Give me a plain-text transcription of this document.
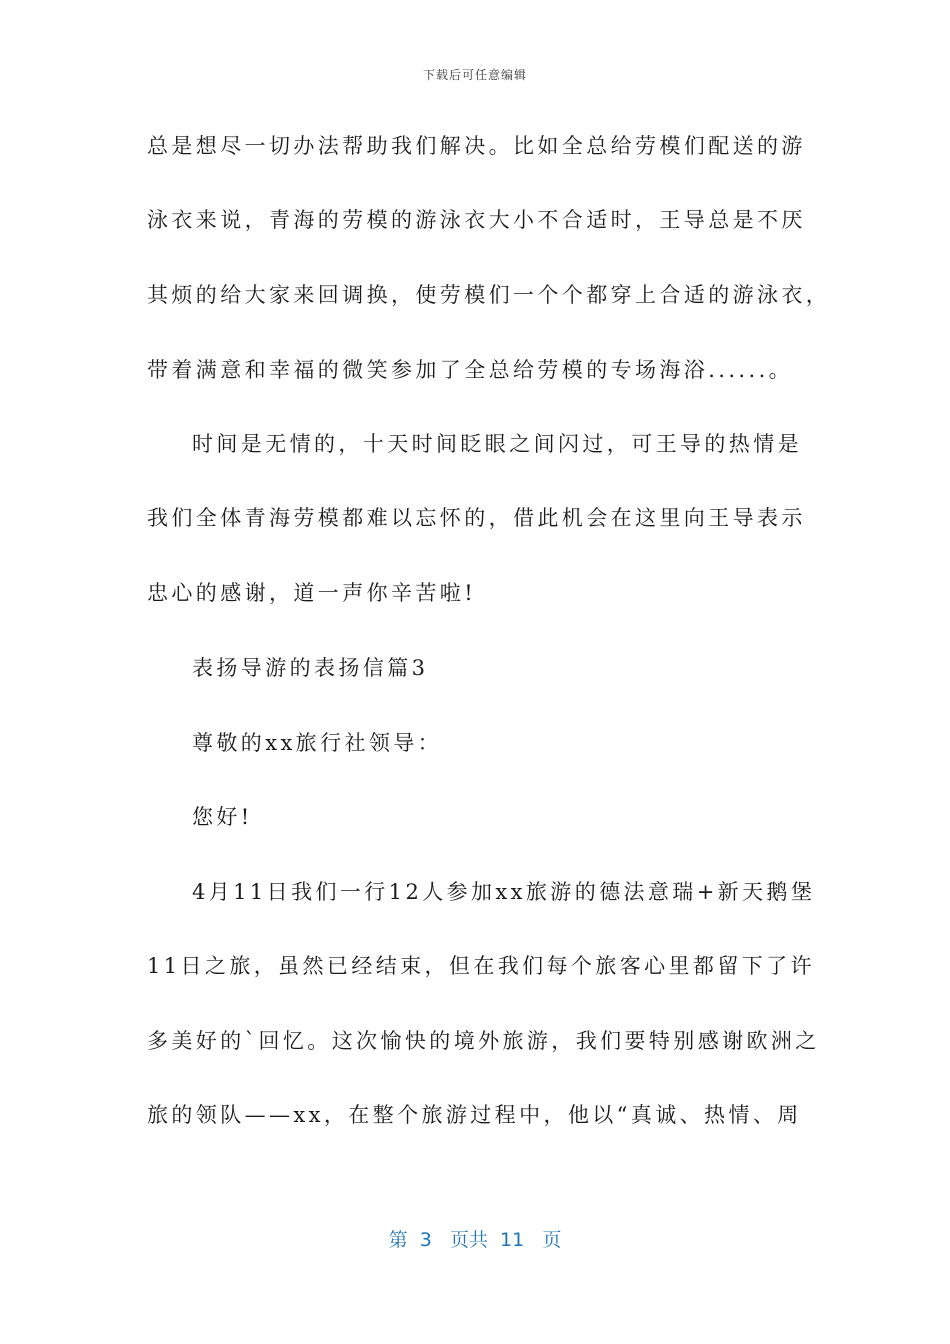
下载后可任意编辑
总是想尽一切办法帮助我们解决。比如全总给劳模们配送的游
泳衣来说，青海的劳模的游泳衣大小不合适时，王导总是不厌
其烦的给大家来回调换，使劳模们一个个都穿上合适的游泳衣，
带着满意和幸福的微笑参加了全总给劳模的专场海浴......。
时间是无情的，十天时间眨眼之间闪过，可王导的热情是
我们全体青海劳模都难以忘怀的，借此机会在这里向王导表示
忠心的感谢，道一声你辛苦啦!
表扬导游的表扬信篇3
尊敬的xx旅行社领导：
您好!
4月11日我们一行12人参加xx旅游的德法意瑞+新天鹅堡
11日之旅，虽然已经结束，但在我们每个旅客心里都留下了许
多美好的`回忆。这次愉快的境外旅游，我们要特别感谢欧洲之
旅的领队——xx，在整个旅游过程中，他以“真诚、热情、周
第  3   页共  11   页
